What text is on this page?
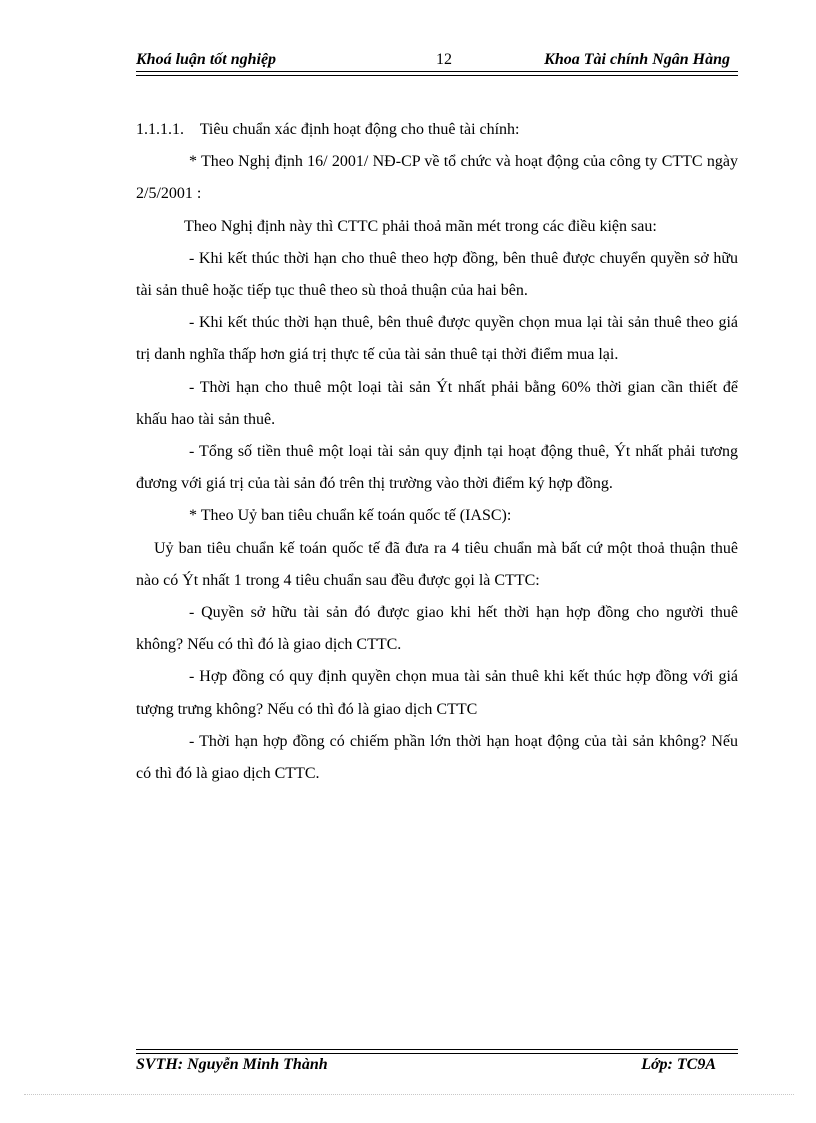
Khoá luận tốt nghiệp	12	Khoa Tài chính Ngân Hàng

1.1.1.1.    Tiêu chuẩn xác định hoạt động cho thuê tài chính:

* Theo Nghị định 16/ 2001/ NĐ-CP về tổ chức và hoạt động của công ty CTTC ngày 2/5/2001 :

Theo Nghị định này thì CTTC phải thoả mãn mét trong các điều kiện sau:

- Khi kết thúc thời hạn cho thuê theo hợp đồng, bên thuê được chuyển quyền sở hữu tài sản thuê hoặc tiếp tục thuê theo sù thoả thuận của hai bên.

- Khi kết thúc thời hạn thuê, bên thuê được quyền chọn mua lại tài sản thuê theo giá trị danh nghĩa thấp hơn giá trị thực tế của tài sản thuê tại thời điểm mua lại.

- Thời hạn cho thuê một loại tài sản Ýt nhất phải bằng 60% thời gian cần thiết để khấu hao tài sản thuê.

- Tổng số tiền thuê một loại tài sản quy định tại hoạt động thuê, Ýt nhất phải tương đương với giá trị của tài sản đó trên thị trường vào thời điểm ký hợp đồng.

* Theo Uỷ ban tiêu chuẩn kế toán quốc tế (IASC):

Uỷ ban tiêu chuẩn kế toán quốc tế đã đưa ra 4 tiêu chuẩn mà bất cứ một thoả thuận thuê nào có Ýt nhất 1 trong 4 tiêu chuẩn sau đều được gọi là CTTC:

- Quyền sở hữu tài sản đó được giao khi hết thời hạn hợp đồng cho người thuê không? Nếu có thì đó là giao dịch CTTC.

- Hợp đồng có quy định quyền chọn mua tài sản thuê khi kết thúc hợp đồng với giá tượng trưng không? Nếu có thì đó là giao dịch CTTC

- Thời hạn hợp đồng có chiếm phần lớn thời hạn hoạt động của tài sản không? Nếu có thì đó là giao dịch CTTC.

SVTH: Nguyễn Minh Thành	Lớp: TC9A
